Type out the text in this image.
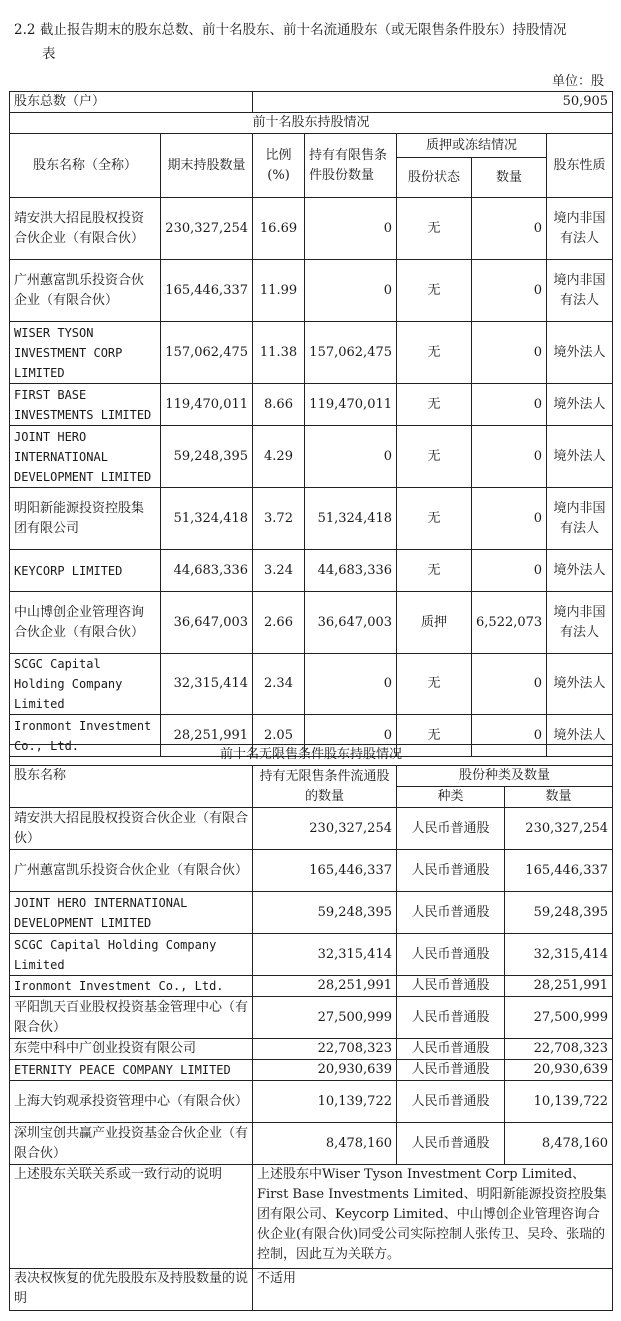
2.2 截止报告期末的股东总数、前十名股东、前十名流通股东（或无限售条件股东）持股情况
表
单位：股
股东总数（户）		50,905				
前十名股东持股情况						
股东名称（全称）	期末持股数量	比例(%)	持有有限售条件股份数量	质押或冻结情况		股东性质
				股份状态	数量	
靖安洪大招昆股权投资合伙企业（有限合伙）	230,327,254	16.69	0	无	0	境内非国有法人
广州蕙富凯乐投资合伙企业（有限合伙）	165,446,337	11.99	0	无	0	境内非国有法人
WISER TYSON INVESTMENT CORP LIMITED	157,062,475	11.38	157,062,475	无	0	境外法人
FIRST BASE INVESTMENTS LIMITED	119,470,011	8.66	119,470,011	无	0	境外法人
JOINT HERO INTERNATIONAL DEVELOPMENT LIMITED	59,248,395	4.29	0	无	0	境外法人
明阳新能源投资控股集团有限公司	51,324,418	3.72	51,324,418	无	0	境内非国有法人
KEYCORP LIMITED	44,683,336	3.24	44,683,336	无	0	境外法人
中山博创企业管理咨询合伙企业（有限合伙）	36,647,003	2.66	36,647,003	质押	6,522,073	境内非国有法人
SCGC Capital Holding Company Limited	32,315,414	2.34	0	无	0	境外法人
Ironmont Investment Co., Ltd.	28,251,991	2.05	0	无	0	境外法人
前十名无限售条件股东持股情况			
股东名称	持有无限售条件流通股的数量	股份种类及数量	
		种类	数量
靖安洪大招昆股权投资合伙企业（有限合伙）	230,327,254	人民币普通股	230,327,254
广州蕙富凯乐投资合伙企业（有限合伙）	165,446,337	人民币普通股	165,446,337
JOINT HERO INTERNATIONAL DEVELOPMENT LIMITED	59,248,395	人民币普通股	59,248,395
SCGC Capital Holding Company Limited	32,315,414	人民币普通股	32,315,414
Ironmont Investment Co., Ltd.	28,251,991	人民币普通股	28,251,991
平阳凯天百业股权投资基金管理中心（有限合伙）	27,500,999	人民币普通股	27,500,999
东莞中科中广创业投资有限公司	22,708,323	人民币普通股	22,708,323
ETERNITY PEACE COMPANY LIMITED	20,930,639	人民币普通股	20,930,639
上海大钧观承投资管理中心（有限合伙）	10,139,722	人民币普通股	10,139,722
深圳宝创共赢产业投资基金合伙企业（有限合伙）	8,478,160	人民币普通股	8,478,160
上述股东关联关系或一致行动的说明	上述股东中Wiser Tyson Investment Corp Limited、First Base Investments Limited、明阳新能源投资控股集团有限公司、Keycorp Limited、中山博创企业管理咨询合伙企业(有限合伙)同受公司实际控制人张传卫、吴玲、张瑞的控制，因此互为关联方。		
表决权恢复的优先股股东及持股数量的说明	不适用		
